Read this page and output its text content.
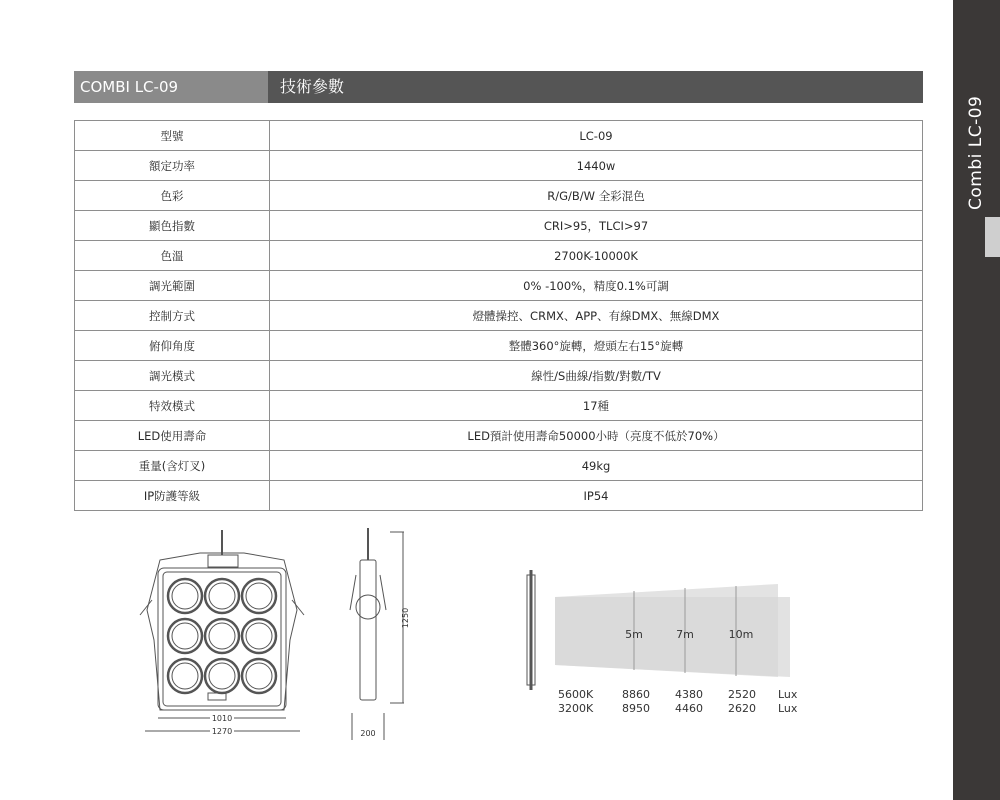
Combi LC-09
COMBI LC-09	技術參數
型號	LC-09
額定功率	1440w
色彩	R/G/B/W 全彩混色
顯色指數	CRI>95，TLCI>97
色溫	2700K-10000K
調光範圍	0% -100%，精度0.1%可調
控制方式	燈體操控、CRMX、APP、有線DMX、無線DMX
俯仰角度	整體360°旋轉，燈頭左右15°旋轉
調光模式	線性/S曲線/指數/對數/TV
特效模式	17種
LED使用壽命	LED預計使用壽命50000小時（亮度不低於70%）
重量(含灯叉)	49kg
IP防護等級	IP54
1010
1270	200
1250
5m	7m	10m
5600K	8860 4380 2520 Lux
3200K	8950 4460 2620 Lux
